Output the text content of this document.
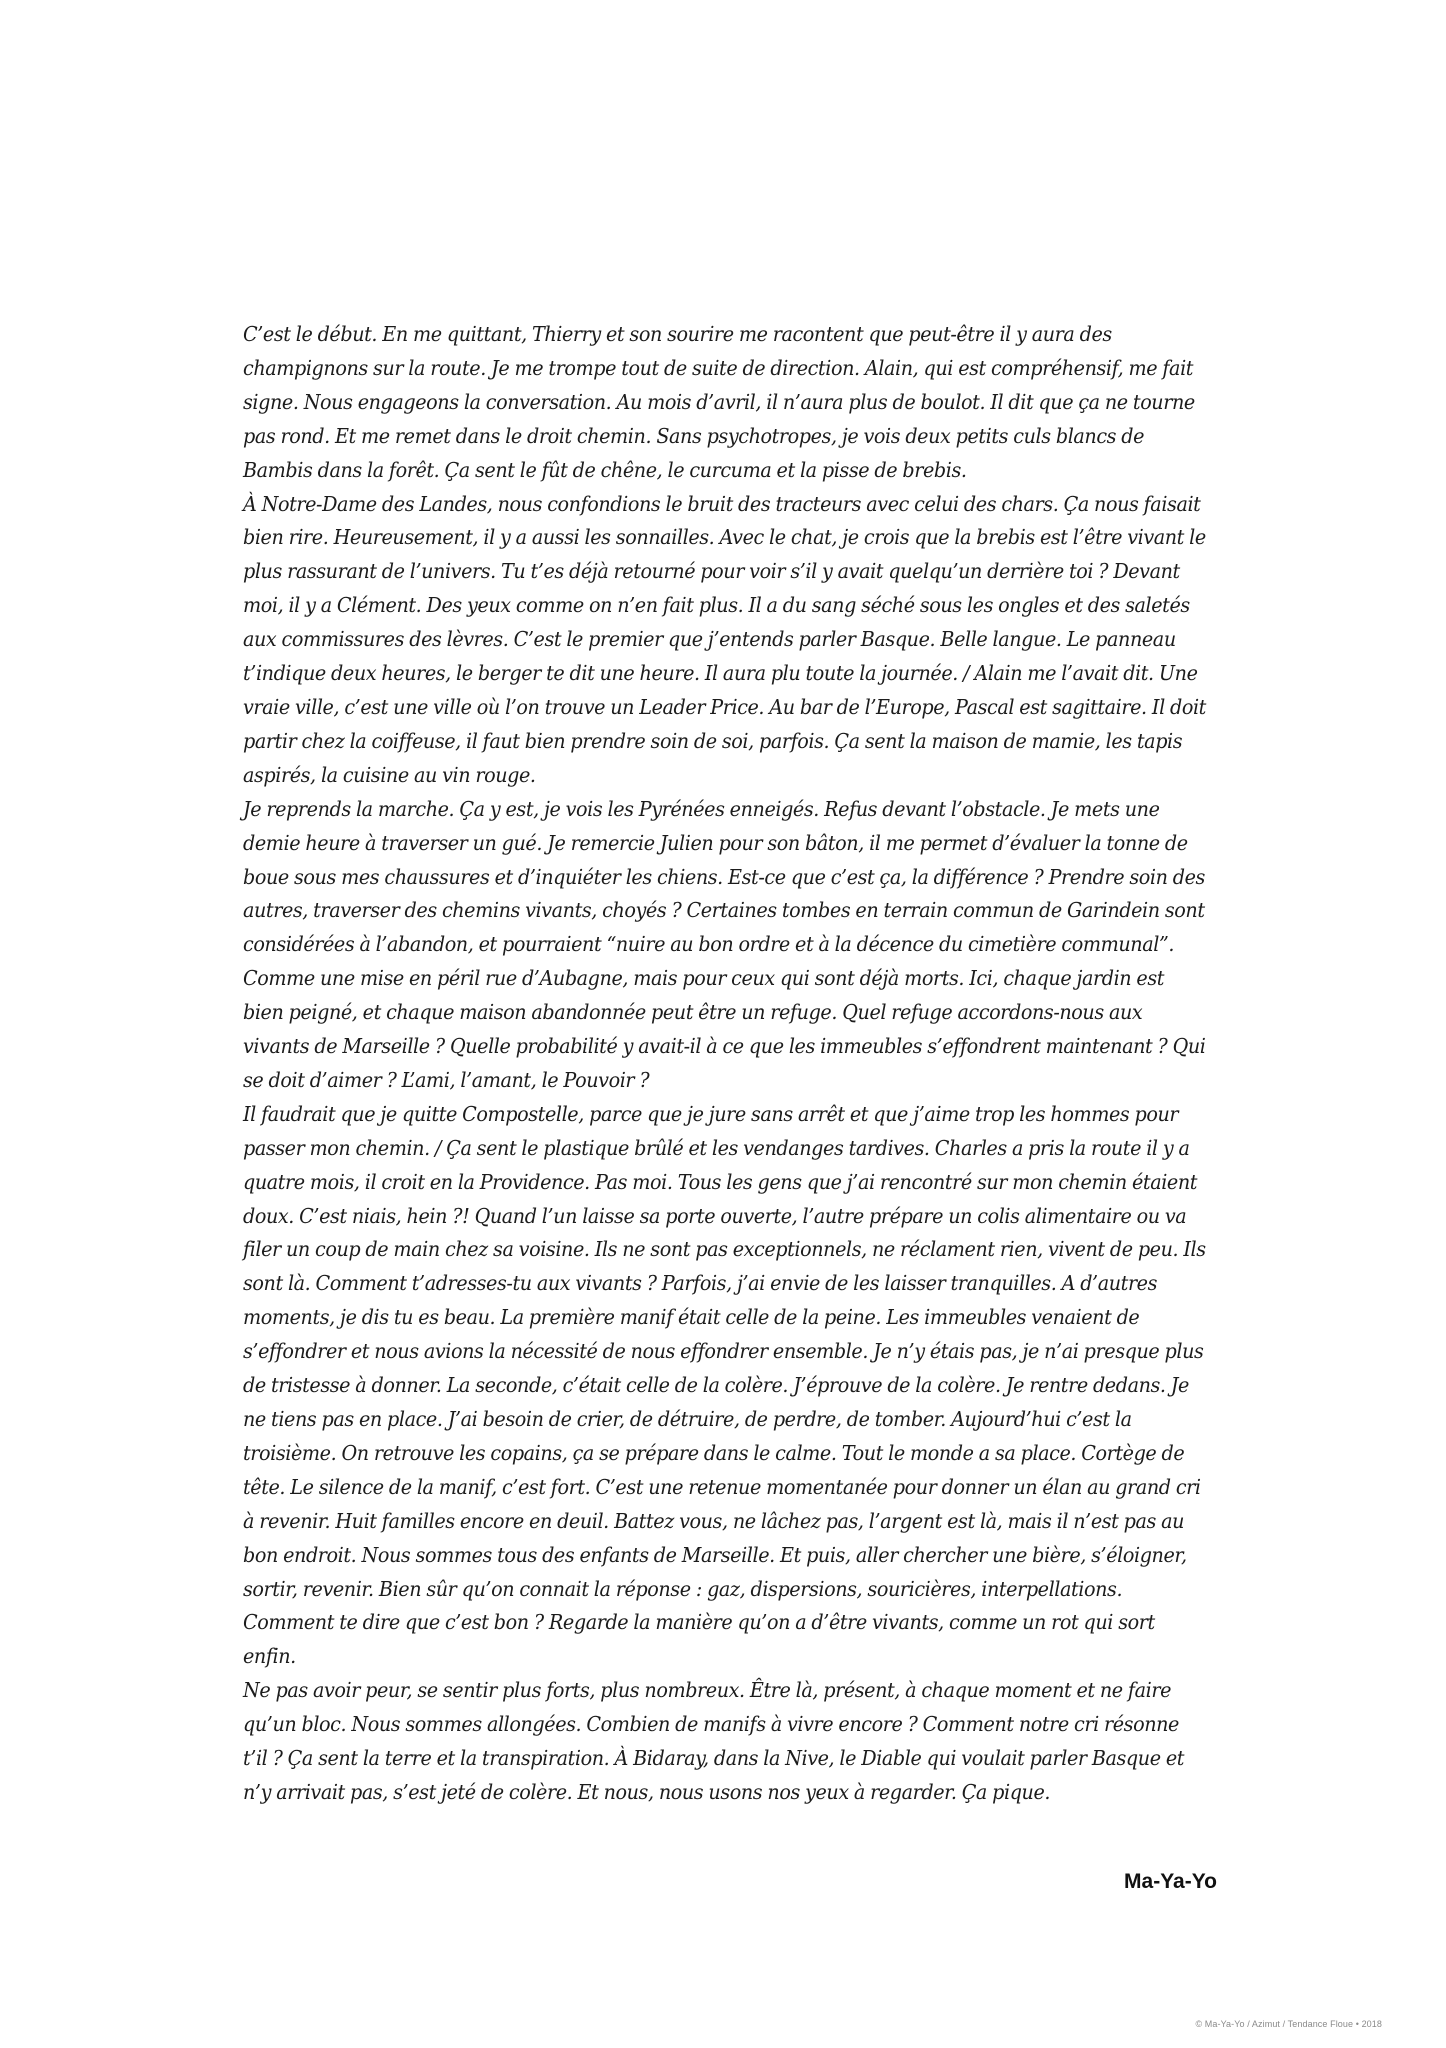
C’est le début. En me quittant, Thierry et son sourire me racontent que peut-être il y aura des champignons sur la route. Je me trompe tout de suite de direction. Alain, qui est compréhensif, me fait signe. Nous engageons la conversation. Au mois d’avril, il n’aura plus de boulot. Il dit que ça ne tourne pas rond. Et me remet dans le droit chemin. Sans psychotropes, je vois deux petits culs blancs de Bambis dans la forêt. Ça sent le fût de chêne, le curcuma et la pisse de brebis.

À Notre-Dame des Landes, nous confondions le bruit des tracteurs avec celui des chars. Ça nous faisait bien rire. Heureusement, il y a aussi les sonnailles. Avec le chat, je crois que la brebis est l’être vivant le plus rassurant de l’univers. Tu t’es déjà retourné pour voir s’il y avait quelqu’un derrière toi ? Devant moi, il y a Clément. Des yeux comme on n’en fait plus. Il a du sang séché sous les ongles et des saletés aux commissures des lèvres. C’est le premier que j’entends parler Basque. Belle langue. Le panneau t’indique deux heures, le berger te dit une heure. Il aura plu toute la journée. / Alain me l’avait dit. Une vraie ville, c’est une ville où l’on trouve un Leader Price. Au bar de l’Europe, Pascal est sagittaire. Il doit partir chez la coiffeuse, il faut bien prendre soin de soi, parfois. Ça sent la maison de mamie, les tapis aspirés, la cuisine au vin rouge.

Je reprends la marche. Ça y est, je vois les Pyrénées enneigés. Refus devant l’obstacle. Je mets une demie heure à traverser un gué. Je remercie Julien pour son bâton, il me permet d’évaluer la tonne de boue sous mes chaussures et d’inquiéter les chiens. Est-ce que c’est ça, la différence ? Prendre soin des autres, traverser des chemins vivants, choyés ? Certaines tombes en terrain commun de Garindein sont considérées à l’abandon, et pourraient “nuire au bon ordre et à la décence du cimetière communal”. Comme une mise en péril rue d’Aubagne, mais pour ceux qui sont déjà morts. Ici, chaque jardin est bien peigné, et chaque maison abandonnée peut être un refuge. Quel refuge accordons-nous aux vivants de Marseille ? Quelle probabilité y avait-il à ce que les immeubles s’effondrent maintenant ? Qui se doit d’aimer ? L’ami, l’amant, le Pouvoir ?

Il faudrait que je quitte Compostelle, parce que je jure sans arrêt et que j’aime trop les hommes pour passer mon chemin. / Ça sent le plastique brûlé et les vendanges tardives. Charles a pris la route il y a quatre mois, il croit en la Providence. Pas moi. Tous les gens que j’ai rencontré sur mon chemin étaient doux. C’est niais, hein ?! Quand l’un laisse sa porte ouverte, l’autre prépare un colis alimentaire ou va filer un coup de main chez sa voisine. Ils ne sont pas exceptionnels, ne réclament rien, vivent de peu. Ils sont là. Comment t’adresses-tu aux vivants ? Parfois, j’ai envie de les laisser tranquilles. A d’autres moments, je dis tu es beau. La première manif était celle de la peine. Les immeubles venaient de s’effondrer et nous avions la nécessité de nous effondrer ensemble. Je n’y étais pas, je n’ai presque plus de tristesse à donner. La seconde, c’était celle de la colère. J’éprouve de la colère. Je rentre dedans. Je ne tiens pas en place. J’ai besoin de crier, de détruire, de perdre, de tomber. Aujourd’hui c’est la troisième. On retrouve les copains, ça se prépare dans le calme. Tout le monde a sa place. Cortège de tête. Le silence de la manif, c’est fort. C’est une retenue momentanée pour donner un élan au grand cri à revenir. Huit familles encore en deuil. Battez vous, ne lâchez pas, l’argent est là, mais il n’est pas au bon endroit. Nous sommes tous des enfants de Marseille. Et puis, aller chercher une bière, s’éloigner, sortir, revenir. Bien sûr qu’on connait la réponse : gaz, dispersions, souricières, interpellations. Comment te dire que c’est bon ? Regarde la manière qu’on a d’être vivants, comme un rot qui sort enfin.

Ne pas avoir peur, se sentir plus forts, plus nombreux. Être là, présent, à chaque moment et ne faire qu’un bloc. Nous sommes allongées. Combien de manifs à vivre encore ? Comment notre cri résonne t’il ? Ça sent la terre et la transpiration. À Bidaray, dans la Nive, le Diable qui voulait parler Basque et n’y arrivait pas, s’est jeté de colère. Et nous, nous usons nos yeux à regarder. Ça pique.

Ma-Ya-Yo
© Ma-Ya-Yo / Azimut / Tendance Floue • 2018
